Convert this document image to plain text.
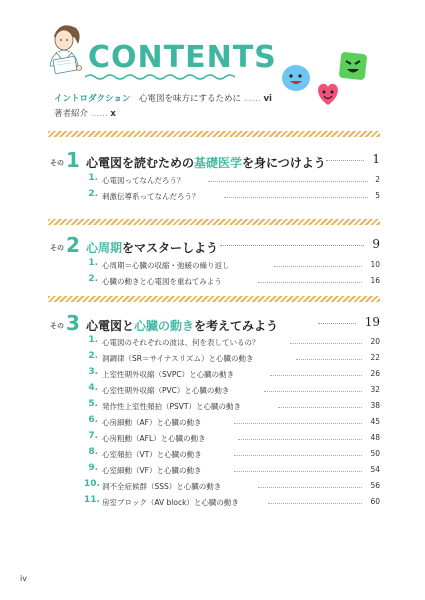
CONTENTS
イントロダクション 心電図を味方にするために …… vi
著者紹介 …… x
その 1 心電図を読むための基礎医学を身につけよう	1
1. 心電図ってなんだろう？	2
2. 刺激伝導系ってなんだろう？	5
その 2 心周期をマスターしよう	9
1. 心周期＝心臓の収縮・弛緩の繰り返し	10
2. 心臓の動きと心電図を重ねてみよう	16
その 3 心電図と心臓の動きを考えてみよう	19
1. 心電図のそれぞれの波は、何を表しているの？	20
2. 洞調律（SR＝サイナスリズム）と心臓の動き	22
3. 上室性期外収縮（SVPC）と心臓の動き	26
4. 心室性期外収縮（PVC）と心臓の動き	32
5. 発作性上室性頻拍（PSVT）と心臓の動き	38
6. 心房細動（AF）と心臓の動き	45
7. 心房粗動（AFL）と心臓の動き	48
8. 心室頻拍（VT）と心臓の動き	50
9. 心室細動（VF）と心臓の動き	54
10. 洞不全症候群（SSS）と心臓の動き	56
11. 房室ブロック（AV block）と心臓の動き	60
iv
